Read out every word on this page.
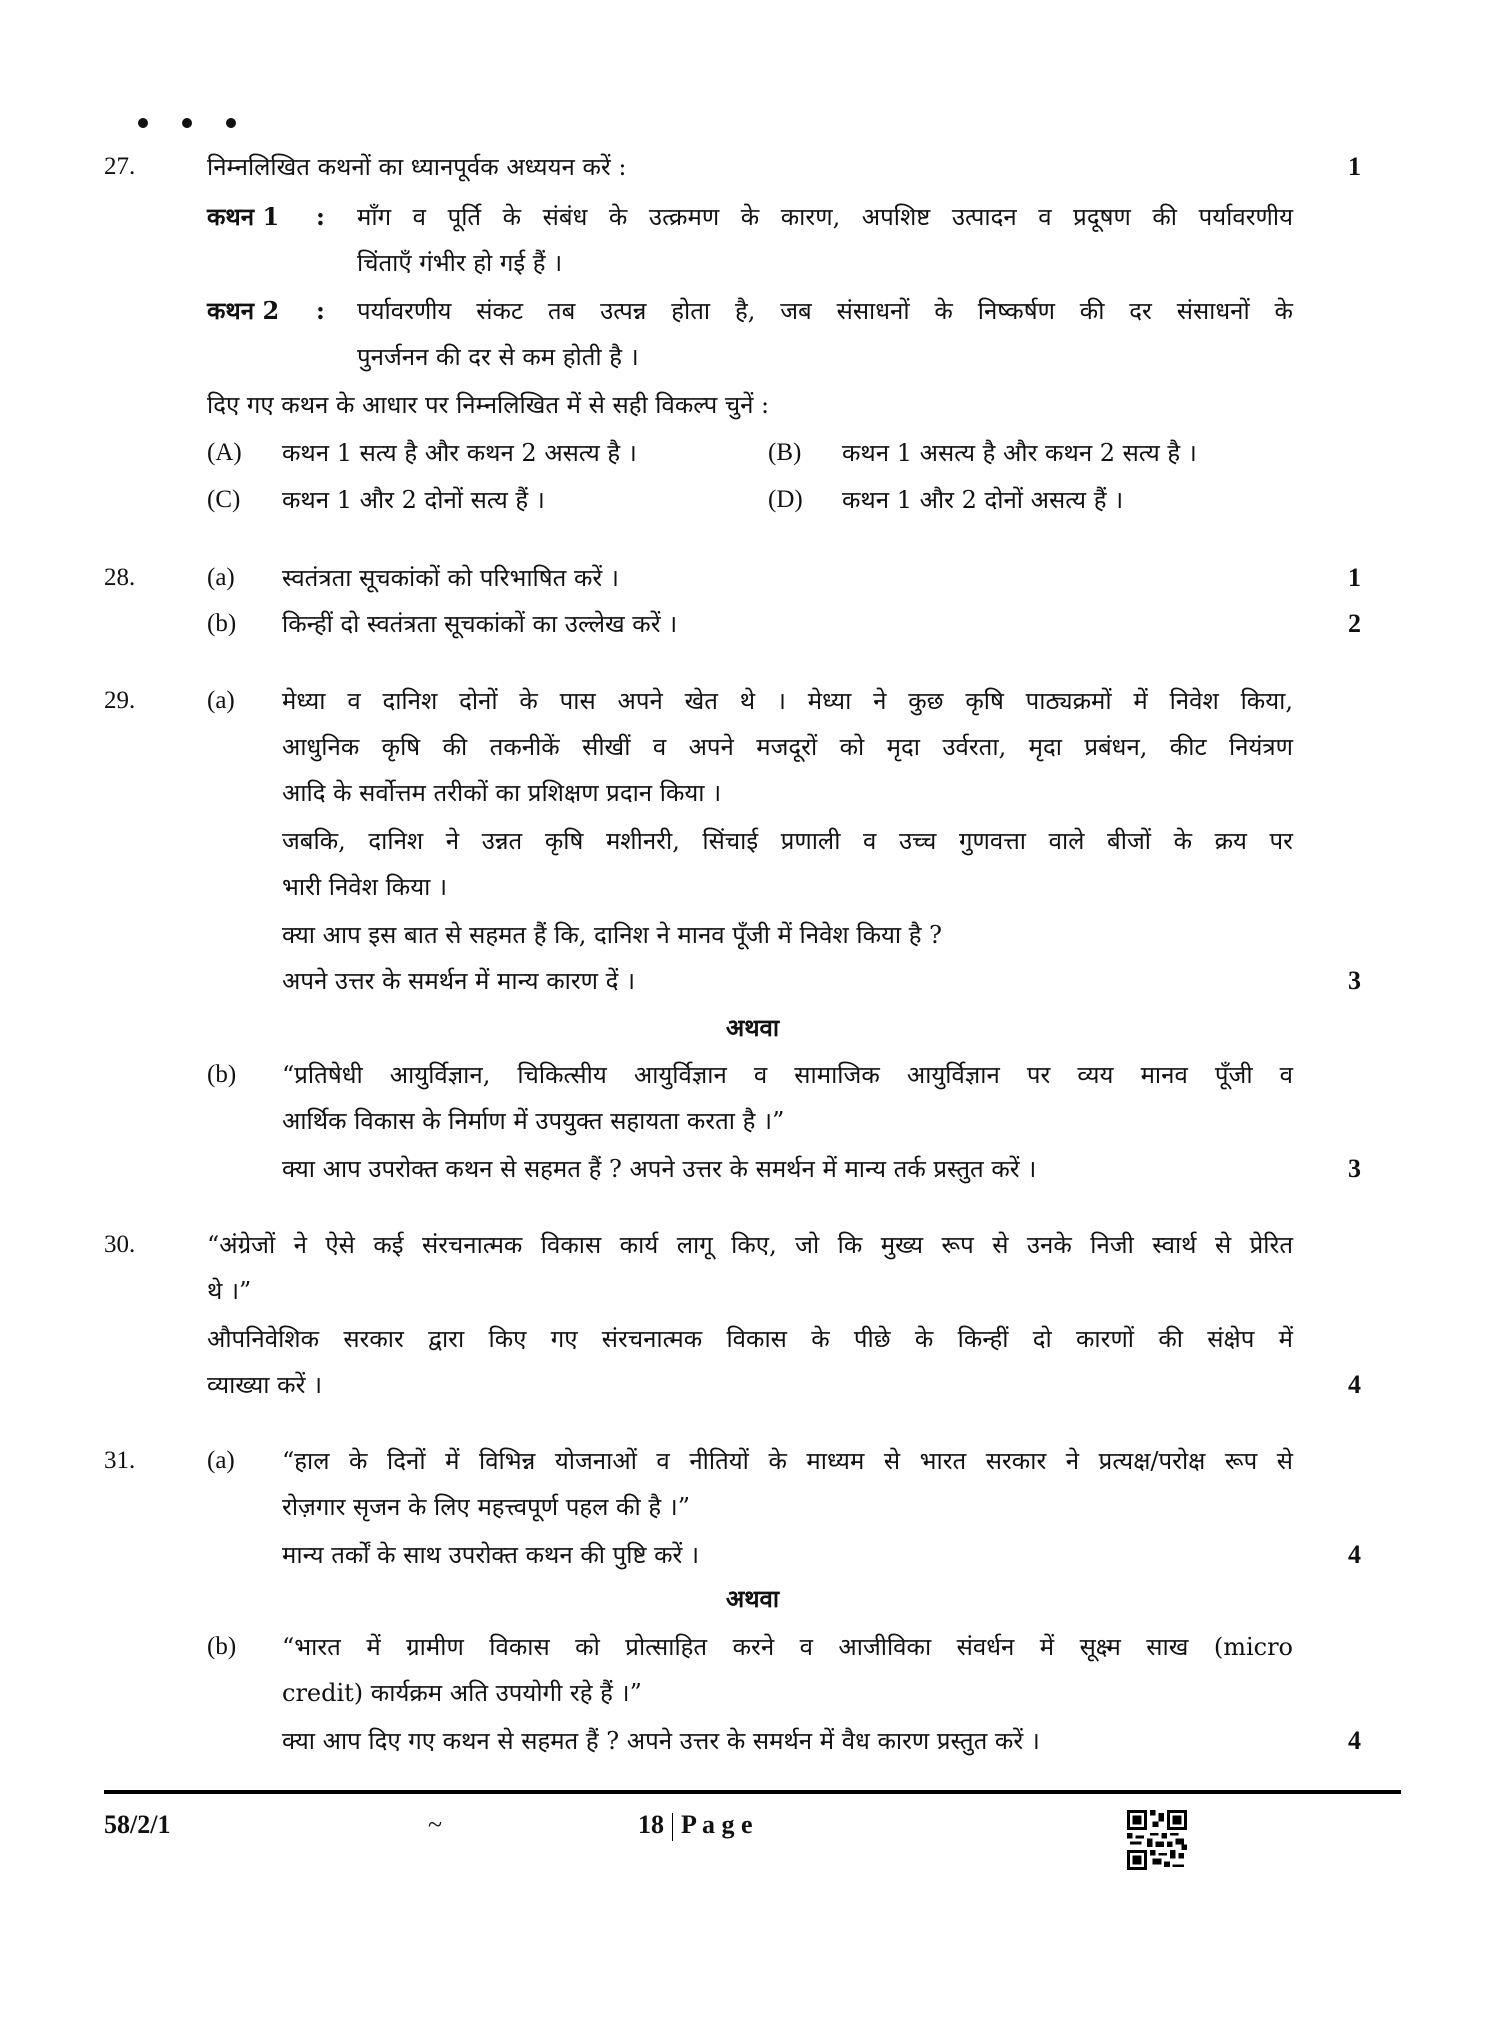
27.	निम्नलिखित कथनों का ध्यानपूर्वक अध्ययन करें :	1
कथन 1 : माँग व पूर्ति के संबंध के उत्क्रमण के कारण, अपशिष्ट उत्पादन व प्रदूषण की पर्यावरणीय
चिंताएँ गंभीर हो गई हैं ।
कथन 2 : पर्यावरणीय संकट तब उत्पन्न होता है, जब संसाधनों के निष्कर्षण की दर संसाधनों के
पुनर्जनन की दर से कम होती है ।
दिए गए कथन के आधार पर निम्नलिखित में से सही विकल्प चुनें :
(A) कथन 1 सत्य है और कथन 2 असत्य है ।	(B) कथन 1 असत्य है और कथन 2 सत्य है ।
(C) कथन 1 और 2 दोनों सत्य हैं ।	(D) कथन 1 और 2 दोनों असत्य हैं ।
28.	(a) स्वतंत्रता सूचकांकों को परिभाषित करें ।	1
(b) किन्हीं दो स्वतंत्रता सूचकांकों का उल्लेख करें ।	2
29.	(a) मेध्या व दानिश दोनों के पास अपने खेत थे । मेध्या ने कुछ कृषि पाठ्यक्रमों में निवेश किया,
आधुनिक कृषि की तकनीकें सीखीं व अपने मजदूरों को मृदा उर्वरता, मृदा प्रबंधन, कीट नियंत्रण
आदि के सर्वोत्तम तरीकों का प्रशिक्षण प्रदान किया ।
जबकि, दानिश ने उन्नत कृषि मशीनरी, सिंचाई प्रणाली व उच्च गुणवत्ता वाले बीजों के क्रय पर
भारी निवेश किया ।
क्या आप इस बात से सहमत हैं कि, दानिश ने मानव पूँजी में निवेश किया है ?
अपने उत्तर के समर्थन में मान्य कारण दें ।	3
अथवा
(b) “प्रतिषेधी आयुर्विज्ञान, चिकित्सीय आयुर्विज्ञान व सामाजिक आयुर्विज्ञान पर व्यय मानव पूँजी व
आर्थिक विकास के निर्माण में उपयुक्त सहायता करता है ।”
क्या आप उपरोक्त कथन से सहमत हैं ? अपने उत्तर के समर्थन में मान्य तर्क प्रस्तुत करें ।	3
30.	“अंग्रेजों ने ऐसे कई संरचनात्मक विकास कार्य लागू किए, जो कि मुख्य रूप से उनके निजी स्वार्थ से प्रेरित
थे ।”
औपनिवेशिक सरकार द्वारा किए गए संरचनात्मक विकास के पीछे के किन्हीं दो कारणों की संक्षेप में
व्याख्या करें ।	4
31.	(a) “हाल के दिनों में विभिन्न योजनाओं व नीतियों के माध्यम से भारत सरकार ने प्रत्यक्ष/परोक्ष रूप से
रोज़गार सृजन के लिए महत्त्वपूर्ण पहल की है ।”
मान्य तर्कों के साथ उपरोक्त कथन की पुष्टि करें ।	4
अथवा
(b) “भारत में ग्रामीण विकास को प्रोत्साहित करने व आजीविका संवर्धन में सूक्ष्म साख (micro
credit) कार्यक्रम अति उपयोगी रहे हैं ।”
क्या आप दिए गए कथन से सहमत हैं ? अपने उत्तर के समर्थन में वैध कारण प्रस्तुत करें ।	4
58/2/1	~	18 P a g e
